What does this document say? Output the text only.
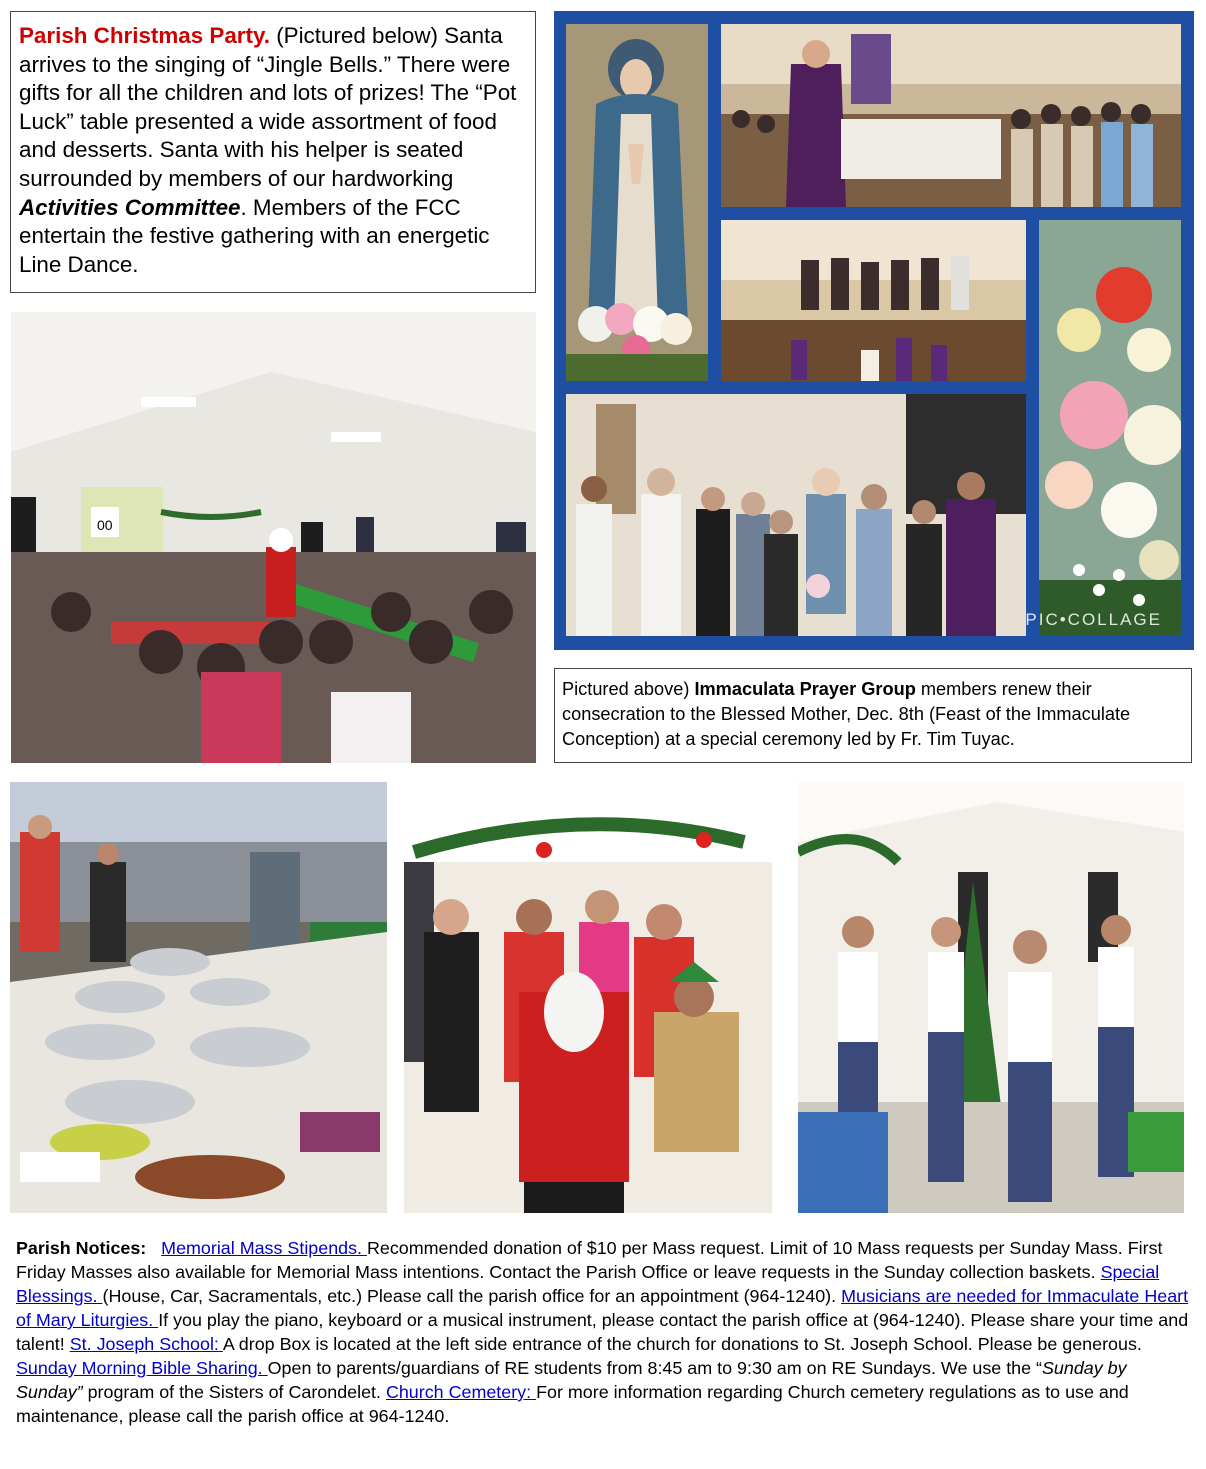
Parish Christmas Party. (Pictured below) Santa arrives to the singing of “Jingle Bells.” There were gifts for all the children and lots of prizes! The “Pot Luck” table presented a wide assortment of food and desserts. Santa with his helper is seated surrounded by members of our hardworking Activities Committee. Members of the FCC entertain the festive gathering with an energetic Line Dance.
PIC•COLLAGE
Pictured above) Immaculata Prayer Group members renew their consecration to the Blessed Mother, Dec. 8th (Feast of the Immaculate Conception) at a special ceremony led by Fr. Tim Tuyac.
00
Parish Notices: Memorial Mass Stipends. Recommended donation of $10 per Mass request. Limit of 10 Mass requests per Sunday Mass. First Friday Masses also available for Memorial Mass intentions. Contact the Parish Office or leave requests in the Sunday collection baskets. Special Blessings. (House, Car, Sacramentals, etc.) Please call the parish office for an appointment (964-1240). Musicians are needed for Immaculate Heart of Mary Liturgies. If you play the piano, keyboard or a musical instrument, please contact the parish office at (964-1240). Please share your time and talent! St. Joseph School: A drop Box is located at the left side entrance of the church for donations to St. Joseph School. Please be generous. Sunday Morning Bible Sharing. Open to parents/guardians of RE students from 8:45 am to 9:30 am on RE Sundays. We use the “Sunday by Sunday” program of the Sisters of Carondelet. Church Cemetery: For more information regarding Church cemetery regulations as to use and maintenance, please call the parish office at 964-1240.
